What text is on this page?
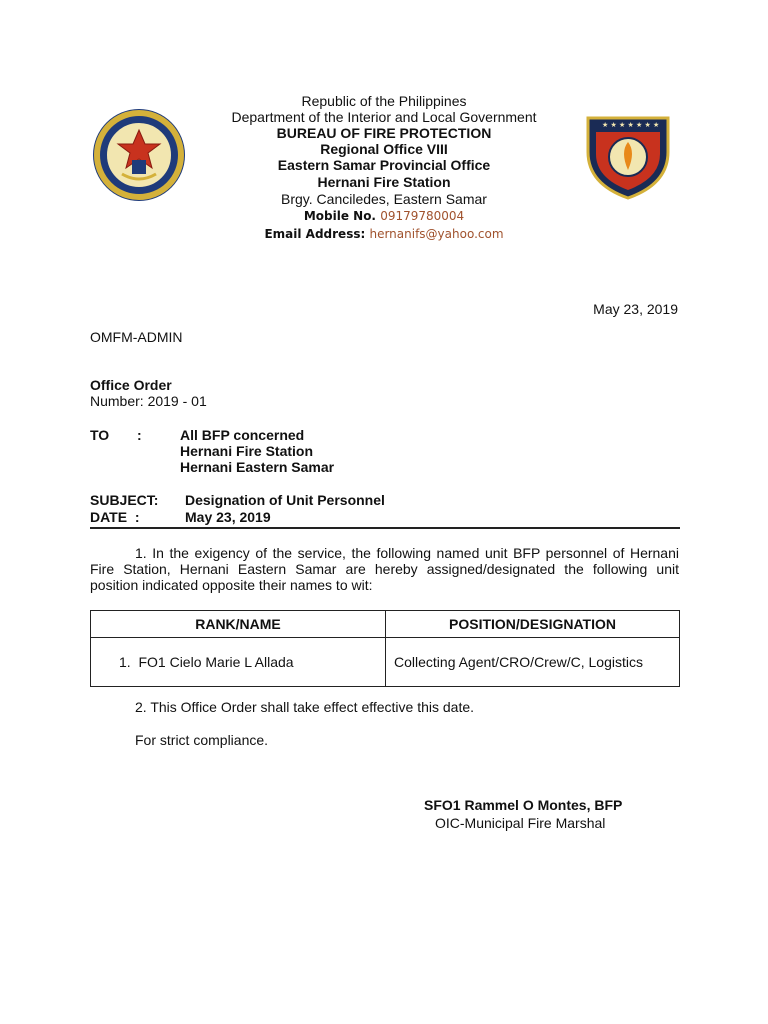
★ ★ ★ ★ ★ ★ ★
Republic of the Philippines
Department of the Interior and Local Government
BUREAU OF FIRE PROTECTION
Regional Office VIII
Eastern Samar Provincial Office
Hernani Fire Station
Brgy. Canciledes, Eastern Samar
Mobile No. 09179780004
Email Address: hernanifs@yahoo.com
May 23, 2019
OMFM-ADMIN
Office Order
Number: 2019 - 01
TO :	All BFP concerned
Hernani Fire Station
Hernani Eastern Samar
SUBJECT: Designation of Unit Personnel
DATE  :	May 23, 2019
1. In the exigency of the service, the following named unit BFP personnel of Hernani Fire Station, Hernani Eastern Samar are hereby assigned/designated the following unit position indicated opposite their names to wit:
RANK/NAME	POSITION/DESIGNATION
1. FO1 Cielo Marie L Allada	Collecting Agent/CRO/Crew/C, Logistics
2. This Office Order shall take effect effective this date.
For strict compliance.
SFO1 Rammel O Montes, BFP
OIC-Municipal Fire Marshal
